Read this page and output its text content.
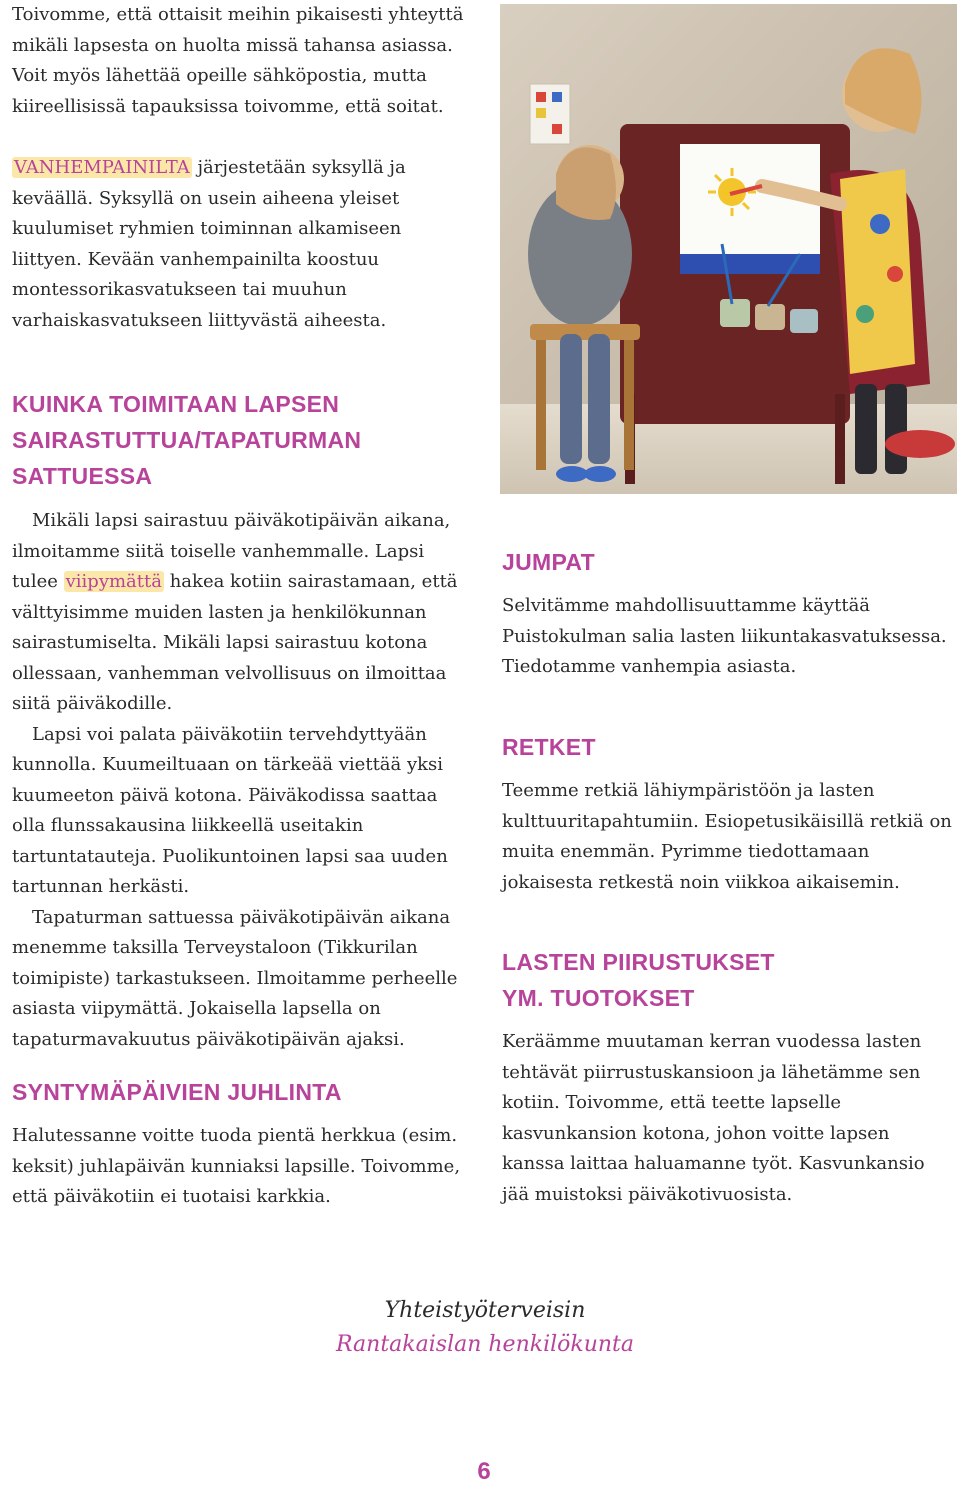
Toivomme, että ottaisit meihin pikaisesti yhteyttä mikäli lapsesta on huolta missä tahansa asiassa. Voit myös lähettää opeille sähköpostia, mutta kiireellisissä tapauksissa toivomme, että soitat.

VANHEMPAINILTA järjestetään syksyllä ja keväällä. Syksyllä on usein aiheena yleiset kuulumiset ryhmien toiminnan alkamiseen liittyen. Kevään vanhempainilta koostuu montessorikasvatukseen tai muuhun varhaiskasvatukseen liittyvästä aiheesta.

KUINKA TOIMITAAN LAPSEN
SAIRASTUTTUA/TAPATURMAN
SATTUESSA

Mikäli lapsi sairastuu päiväkotipäivän aikana, ilmoitamme siitä toiselle vanhemmalle. Lapsi tulee viipymättä hakea kotiin sairastamaan, että välttyisimme muiden lasten ja henkilökunnan sairastumiselta. Mikäli lapsi sairastuu kotona ollessaan, vanhemman velvollisuus on ilmoittaa siitä päiväkodille.

Lapsi voi palata päiväkotiin tervehdyttyään kunnolla. Kuumeiltuaan on tärkeää viettää yksi kuumeeton päivä kotona. Päiväkodissa saattaa olla flunssakausina liikkeellä useitakin tartuntatauteja. Puolikuntoinen lapsi saa uuden tartunnan herkästi.

Tapaturman sattuessa päiväkotipäivän aikana menemme taksilla Terveystaloon (Tikkurilan toimipiste) tarkastukseen. Ilmoitamme perheelle asiasta viipymättä. Jokaisella lapsella on tapaturmavakuutus päiväkotipäivän ajaksi.

SYNTYMÄPÄIVIEN JUHLINTA

Halutessanne voitte tuoda pientä herkkua (esim. keksit) juhlapäivän kunniaksi lapsille. Toivomme, että päiväkotiin ei tuotaisi karkkia.

JUMPAT

Selvitämme mahdollisuuttamme käyttää Puistokulman salia lasten liikuntakasvatuksessa. Tiedotamme vanhempia asiasta.

RETKET

Teemme retkiä lähiympäristöön ja lasten kulttuuritapahtumiin. Esiopetusikäisillä retkiä on muita enemmän. Pyrimme tiedottamaan jokaisesta retkestä noin viikkoa aikaisemin.

LASTEN PIIRUSTUKSET
YM. TUOTOKSET

Keräämme muutaman kerran vuodessa lasten tehtävät piirrustuskansioon ja lähetämme sen kotiin. Toivomme, että teette lapselle kasvunkansion kotona, johon voitte lapsen kanssa laittaa haluamanne työt. Kasvunkansio jää muistoksi päiväkotivuosista.

Yhteistyöterveisin
Rantakaislan henkilökunta
6
